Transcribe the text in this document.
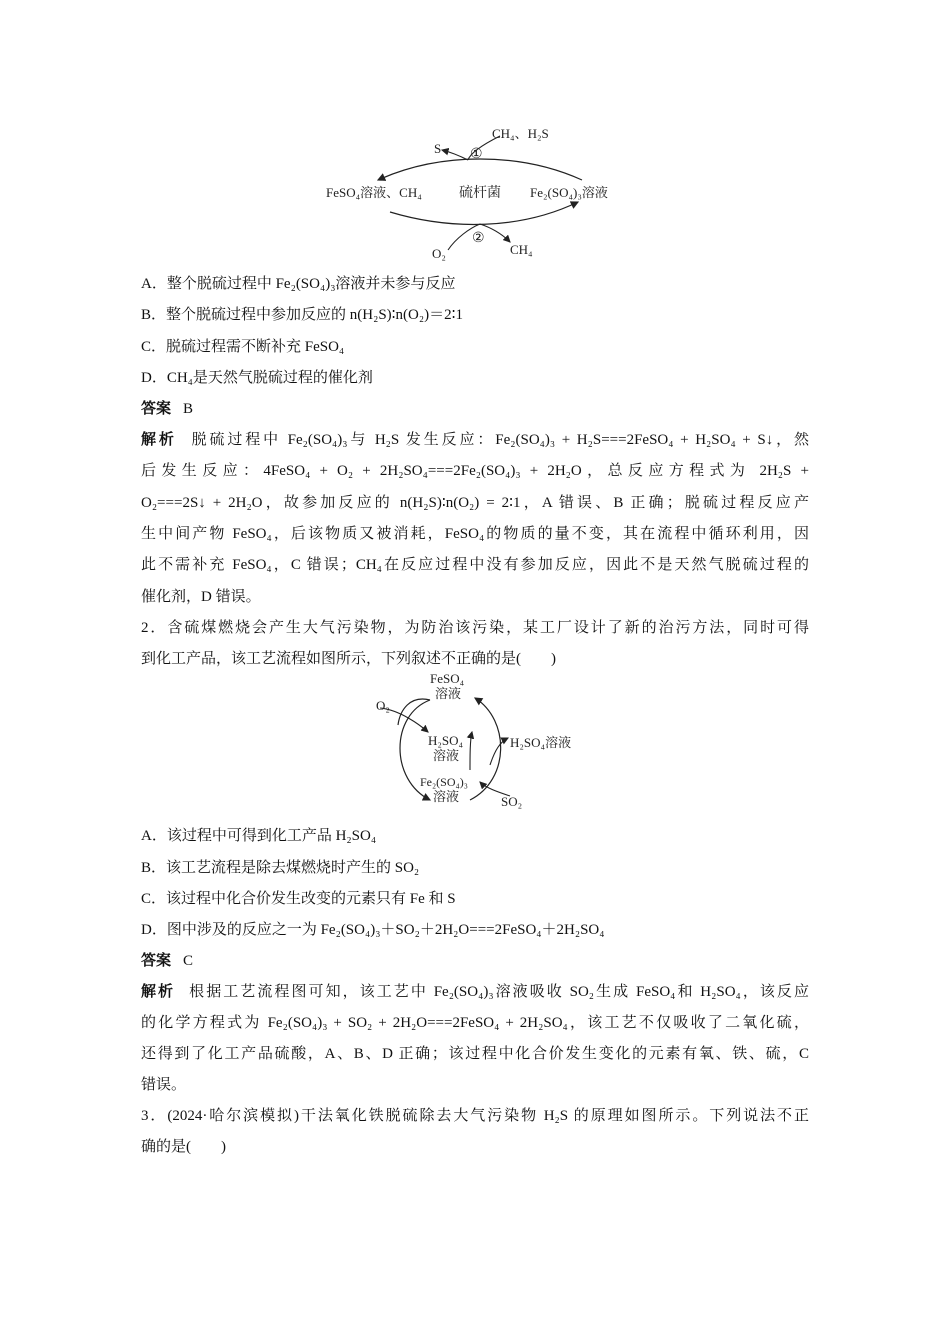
S ①
CH₄、H₂S
FeSO₄溶液、CH₄	硫杆菌 Fe₂(SO₄)₃溶液
②
O₂	CH₄
A．整个脱硫过程中 Fe₂(SO₄)₃溶液并未参与反应
B．整个脱硫过程中参加反应的 n(H₂S)∶n(O₂)＝2∶1
C．脱硫过程需不断补充 FeSO₄
D．CH₄是天然气脱硫过程的催化剂
答案 B
解析 脱硫过程中 Fe₂(SO₄)₃与 H₂S 发生反应：Fe₂(SO₄)₃ + H₂S===2FeSO₄ + H₂SO₄ + S↓，然
后发生反应：4FeSO₄ + O₂ + 2H₂SO₄===2Fe₂(SO₄)₃ + 2H₂O，总反应方程式为 2H₂S +
O₂===2S↓ + 2H₂O，故参加反应的 n(H₂S)∶n(O₂) = 2∶1，A 错误、B 正确；脱硫过程反应产
生中间产物 FeSO₄，后该物质又被消耗，FeSO₄的物质的量不变，其在流程中循环利用，因
此不需补充 FeSO₄，C 错误；CH₄在反应过程中没有参加反应，因此不是天然气脱硫过程的
催化剂，D 错误。
2．含硫煤燃烧会产生大气污染物，为防治该污染，某工厂设计了新的治污方法，同时可得
到化工产品，该工艺流程如图所示，下列叙述不正确的是(　　)
FeSO₄
溶液
O₂
H₂SO₄
溶液
H₂SO₄溶液
Fe₂(SO₄)₃
溶液	SO₂
A．该过程中可得到化工产品 H₂SO₄
B．该工艺流程是除去煤燃烧时产生的 SO₂
C．该过程中化合价发生改变的元素只有 Fe 和 S
D．图中涉及的反应之一为 Fe₂(SO₄)₃＋SO₂＋2H₂O===2FeSO₄＋2H₂SO₄
答案 C
解析 根据工艺流程图可知，该工艺中 Fe₂(SO₄)₃溶液吸收 SO₂生成 FeSO₄和 H₂SO₄，该反应
的化学方程式为 Fe₂(SO₄)₃ + SO₂ + 2H₂O===2FeSO₄ + 2H₂SO₄，该工艺不仅吸收了二氧化硫，
还得到了化工产品硫酸，A、B、D 正确；该过程中化合价发生变化的元素有氧、铁、硫，C
错误。
3．(2024·哈尔滨模拟)干法氧化铁脱硫除去大气污染物 H₂S 的原理如图所示。下列说法不正
确的是(　　)
